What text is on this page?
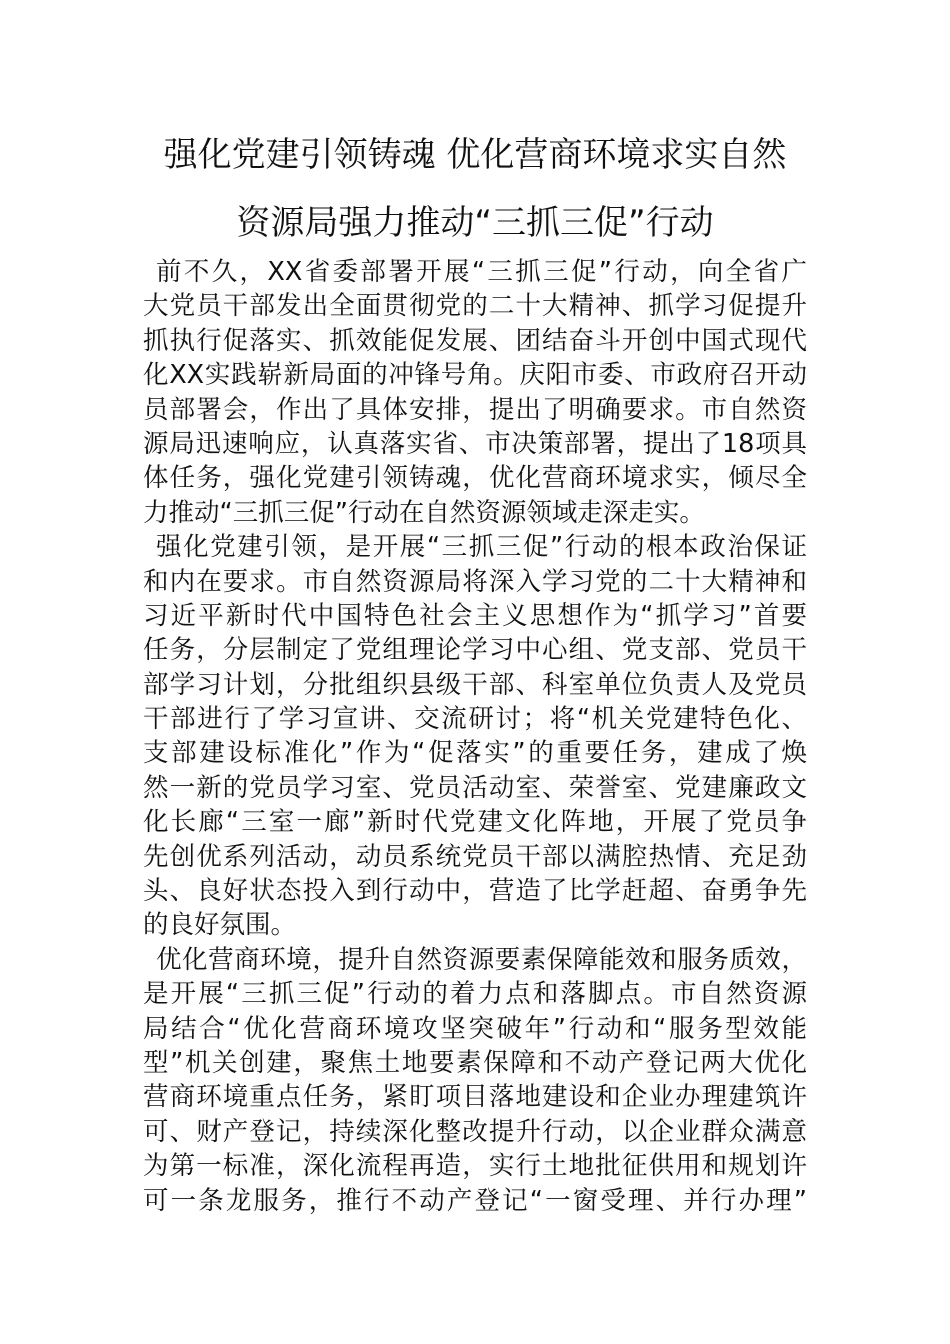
强化党建引领铸魂 优化营商环境求实自然
资源局强力推动“三抓三促”行动
前不久，XX省委部署开展“三抓三促”行动，向全省广
大党员干部发出全面贯彻党的二十大精神、抓学习促提升
抓执行促落实、抓效能促发展、团结奋斗开创中国式现代
化XX实践崭新局面的冲锋号角。庆阳市委、市政府召开动
员部署会，作出了具体安排，提出了明确要求。市自然资
源局迅速响应，认真落实省、市决策部署，提出了18项具
体任务，强化党建引领铸魂，优化营商环境求实，倾尽全
力推动“三抓三促”行动在自然资源领域走深走实。
强化党建引领，是开展“三抓三促”行动的根本政治保证
和内在要求。市自然资源局将深入学习党的二十大精神和
习近平新时代中国特色社会主义思想作为“抓学习”首要
任务，分层制定了党组理论学习中心组、党支部、党员干
部学习计划，分批组织县级干部、科室单位负责人及党员
干部进行了学习宣讲、交流研讨；将“机关党建特色化、
支部建设标准化”作为“促落实”的重要任务，建成了焕
然一新的党员学习室、党员活动室、荣誉室、党建廉政文
化长廊“三室一廊”新时代党建文化阵地，开展了党员争
先创优系列活动，动员系统党员干部以满腔热情、充足劲
头、良好状态投入到行动中，营造了比学赶超、奋勇争先
的良好氛围。
优化营商环境，提升自然资源要素保障能效和服务质效，
是开展“三抓三促”行动的着力点和落脚点。市自然资源
局结合“优化营商环境攻坚突破年”行动和“服务型效能
型”机关创建，聚焦土地要素保障和不动产登记两大优化
营商环境重点任务，紧盯项目落地建设和企业办理建筑许
可、财产登记，持续深化整改提升行动，以企业群众满意
为第一标准，深化流程再造，实行土地批征供用和规划许
可一条龙服务，推行不动产登记“一窗受理、并行办理”
